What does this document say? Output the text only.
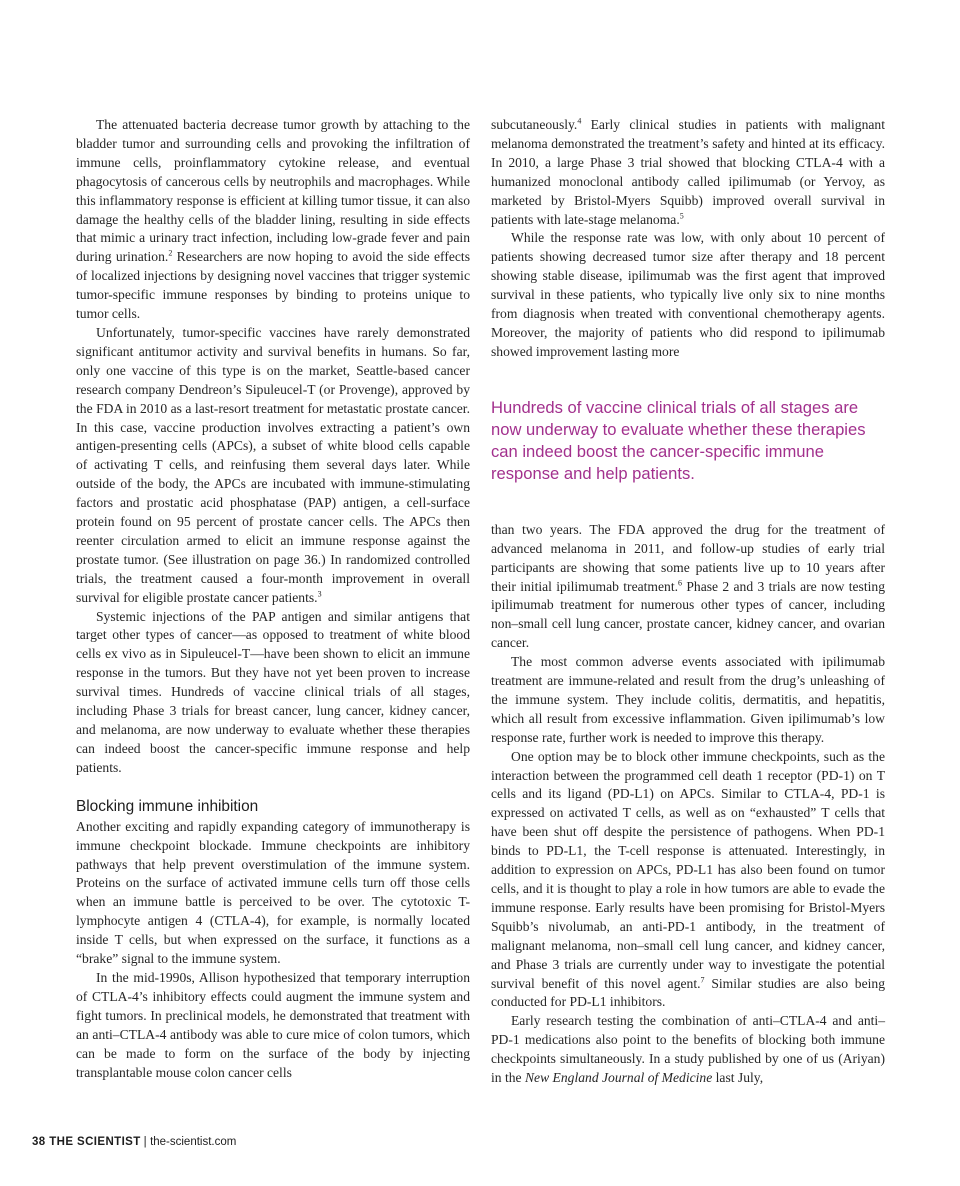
The attenuated bacteria decrease tumor growth by attaching to the bladder tumor and surrounding cells and provoking the infiltration of immune cells, proinflammatory cytokine release, and eventual phagocytosis of cancerous cells by neutrophils and macrophages. While this inflammatory response is efficient at killing tumor tissue, it can also damage the healthy cells of the bladder lining, resulting in side effects that mimic a urinary tract infection, including low-grade fever and pain during urination.$^2$ Researchers are now hoping to avoid the side effects of localized injections by designing novel vaccines that trigger systemic tumor-specific immune responses by binding to proteins unique to tumor cells.

Unfortunately, tumor-specific vaccines have rarely demonstrated significant antitumor activity and survival benefits in humans. So far, only one vaccine of this type is on the market, Seattle-based cancer research company Dendreon’s Sipuleucel-T (or Provenge), approved by the FDA in 2010 as a last-resort treatment for metastatic prostate cancer. In this case, vaccine production involves extracting a patient’s own antigen-presenting cells (APCs), a subset of white blood cells capable of activating T cells, and reinfusing them several days later. While outside of the body, the APCs are incubated with immune-stimulating factors and prostatic acid phosphatase (PAP) antigen, a cell-surface protein found on 95 percent of prostate cancer cells. The APCs then reenter circulation armed to elicit an immune response against the prostate tumor. (See illustration on page 36.) In randomized controlled trials, the treatment caused a four-month improvement in overall survival for eligible prostate cancer patients.$^3$

Systemic injections of the PAP antigen and similar antigens that target other types of cancer—as opposed to treatment of white blood cells ex vivo as in Sipuleucel-T—have been shown to elicit an immune response in the tumors. But they have not yet been proven to increase survival times. Hundreds of vaccine clinical trials of all stages, including Phase 3 trials for breast cancer, lung cancer, kidney cancer, and melanoma, are now underway to evaluate whether these therapies can indeed boost the cancer-specific immune response and help patients.

Blocking immune inhibition

Another exciting and rapidly expanding category of immunotherapy is immune checkpoint blockade. Immune checkpoints are inhibitory pathways that help prevent overstimulation of the immune system. Proteins on the surface of activated immune cells turn off those cells when an immune battle is perceived to be over. The cytotoxic T-lymphocyte antigen 4 (CTLA-4), for example, is normally located inside T cells, but when expressed on the surface, it functions as a “brake” signal to the immune system.

In the mid-1990s, Allison hypothesized that temporary interruption of CTLA-4’s inhibitory effects could augment the immune system and fight tumors. In preclinical models, he demonstrated that treatment with an anti–CTLA-4 antibody was able to cure mice of colon tumors, which can be made to form on the surface of the body by injecting transplantable mouse colon cancer cells

subcutaneously.$^4$ Early clinical studies in patients with malignant melanoma demonstrated the treatment’s safety and hinted at its efficacy. In 2010, a large Phase 3 trial showed that blocking CTLA-4 with a humanized monoclonal antibody called ipilimumab (or Yervoy, as marketed by Bristol-Myers Squibb) improved overall survival in patients with late-stage melanoma.$^5$

While the response rate was low, with only about 10 percent of patients showing decreased tumor size after therapy and 18 percent showing stable disease, ipilimumab was the first agent that improved survival in these patients, who typically live only six to nine months from diagnosis when treated with conventional chemotherapy agents. Moreover, the majority of patients who did respond to ipilimumab showed improvement lasting more

Hundreds of vaccine clinical trials of all stages are now underway to evaluate whether these therapies can indeed boost the cancer-specific immune response and help patients.

than two years. The FDA approved the drug for the treatment of advanced melanoma in 2011, and follow-up studies of early trial participants are showing that some patients live up to 10 years after their initial ipilimumab treatment.$^6$ Phase 2 and 3 trials are now testing ipilimumab treatment for numerous other types of cancer, including non–small cell lung cancer, prostate cancer, kidney cancer, and ovarian cancer.

The most common adverse events associated with ipilimumab treatment are immune-related and result from the drug’s unleashing of the immune system. They include colitis, dermatitis, and hepatitis, which all result from excessive inflammation. Given ipilimumab’s low response rate, further work is needed to improve this therapy.

One option may be to block other immune checkpoints, such as the interaction between the programmed cell death 1 receptor (PD-1) on T cells and its ligand (PD-L1) on APCs. Similar to CTLA-4, PD-1 is expressed on activated T cells, as well as on “exhausted” T cells that have been shut off despite the persistence of pathogens. When PD-1 binds to PD-L1, the T-cell response is attenuated. Interestingly, in addition to expression on APCs, PD-L1 has also been found on tumor cells, and it is thought to play a role in how tumors are able to evade the immune response. Early results have been promising for Bristol-Myers Squibb’s nivolumab, an anti-PD-1 antibody, in the treatment of malignant melanoma, non–small cell lung cancer, and kidney cancer, and Phase 3 trials are currently under way to investigate the potential survival benefit of this novel agent.$^7$ Similar studies are also being conducted for PD-L1 inhibitors.

Early research testing the combination of anti–CTLA-4 and anti–PD-1 medications also point to the benefits of blocking both immune checkpoints simultaneously. In a study published by one of us (Ariyan) in the New England Journal of Medicine last July,

38 THE SCIENTIST | the-scientist.com
